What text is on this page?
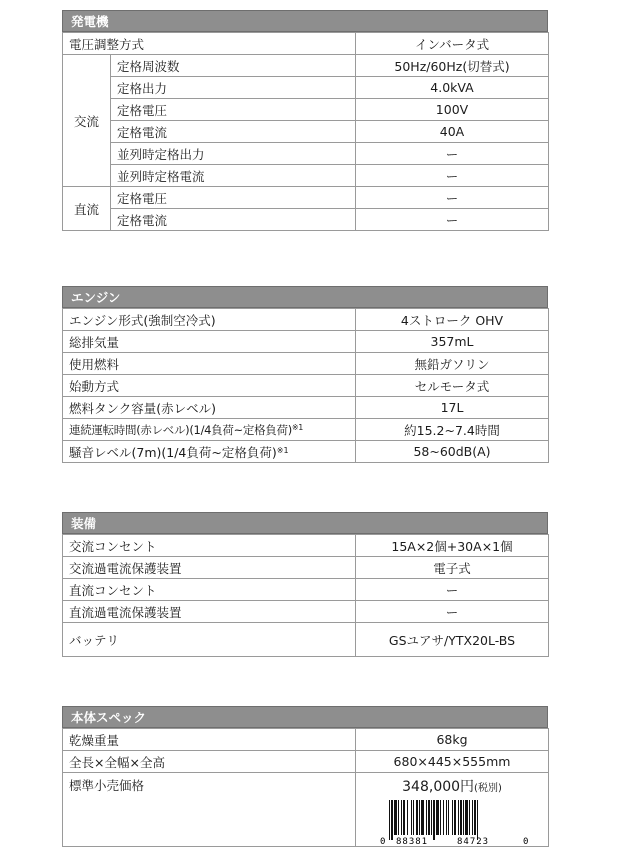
発電機
電圧調整方式		インバータ式
交流	定格周波数	50Hz/60Hz(切替式)
	定格出力	4.0kVA
	定格電圧	100V
	定格電流	40A
	並列時定格出力	ー
	並列時定格電流	ー
直流	定格電圧	ー
	定格電流	ー
エンジン
エンジン形式(強制空冷式)	4ストローク OHV
総排気量	357mL
使用燃料	無鉛ガソリン
始動方式	セルモータ式
燃料タンク容量(赤レベル)	17L
連続運転時間(赤レベル)(1/4負荷~定格負荷)$^{※1}$	約15.2~7.4時間
騒音レベル(7m)(1/4負荷~定格負荷)$^{※1}$	58~60dB(A)
装備
交流コンセント	15A×2個+30A×1個
交流過電流保護装置	電子式
直流コンセント	ー
直流過電流保護装置	ー
バッテリ	GSユアサ/YTX20L-BS
本体スペック
乾燥重量	68kg
全長×全幅×全高	680×445×555mm
標準小売価格	348,000円(税別)
0 88381	84723	0
